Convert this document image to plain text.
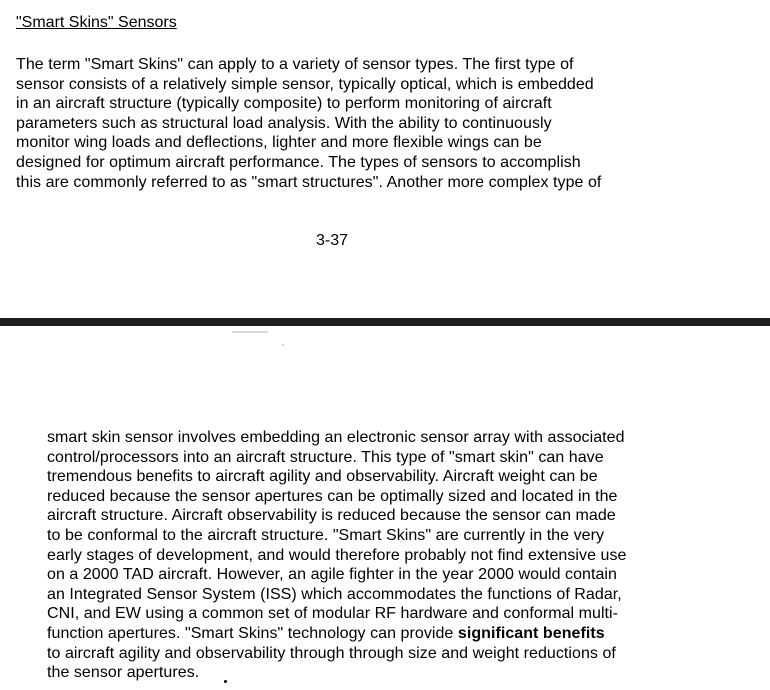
"Smart Skins" Sensors

The term "Smart Skins" can apply to a variety of sensor types. The first type of
sensor consists of a relatively simple sensor, typically optical, which is embedded
in an aircraft structure (typically composite) to perform monitoring of aircraft
parameters such as structural load analysis. With the ability to continuously
monitor wing loads and deflections, lighter and more flexible wings can be
designed for optimum aircraft performance. The types of sensors to accomplish
this are commonly referred to as "smart structures". Another more complex type of

3-37

smart skin sensor involves embedding an electronic sensor array with associated
control/processors into an aircraft structure. This type of "smart skin" can have
tremendous benefits to aircraft agility and observability. Aircraft weight can be
reduced because the sensor apertures can be optimally sized and located in the
aircraft structure. Aircraft observability is reduced because the sensor can made
to be conformal to the aircraft structure. "Smart Skins" are currently in the very
early stages of development, and would therefore probably not find extensive use
on a 2000 TAD aircraft. However, an agile fighter in the year 2000 would contain
an Integrated Sensor System (ISS) which accommodates the functions of Radar,
CNI, and EW using a common set of modular RF hardware and conformal multi-
function apertures. "Smart Skins" technology can provide significant benefits
to aircraft agility and observability through through size and weight reductions of
the sensor apertures.
